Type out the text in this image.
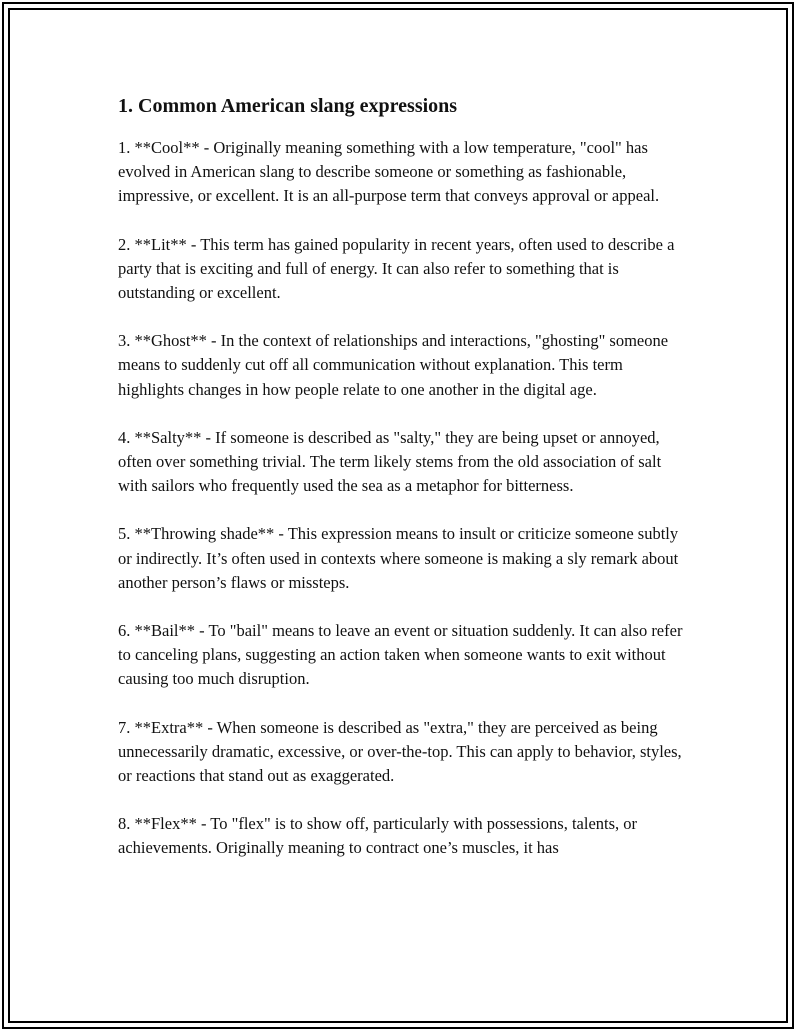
1. Common American slang expressions

1. **Cool** - Originally meaning something with a low temperature, "cool" has evolved in American slang to describe someone or something as fashionable, impressive, or excellent. It is an all-purpose term that conveys approval or appeal.

2. **Lit** - This term has gained popularity in recent years, often used to describe a party that is exciting and full of energy. It can also refer to something that is outstanding or excellent.

3. **Ghost** - In the context of relationships and interactions, "ghosting" someone means to suddenly cut off all communication without explanation. This term highlights changes in how people relate to one another in the digital age.

4. **Salty** - If someone is described as "salty," they are being upset or annoyed, often over something trivial. The term likely stems from the old association of salt with sailors who frequently used the sea as a metaphor for bitterness.

5. **Throwing shade** - This expression means to insult or criticize someone subtly or indirectly. It’s often used in contexts where someone is making a sly remark about another person’s flaws or missteps.

6. **Bail** - To "bail" means to leave an event or situation suddenly. It can also refer to canceling plans, suggesting an action taken when someone wants to exit without causing too much disruption.

7. **Extra** - When someone is described as "extra," they are perceived as being unnecessarily dramatic, excessive, or over-the-top. This can apply to behavior, styles, or reactions that stand out as exaggerated.

8. **Flex** - To "flex" is to show off, particularly with possessions, talents, or achievements. Originally meaning to contract one’s muscles, it has
